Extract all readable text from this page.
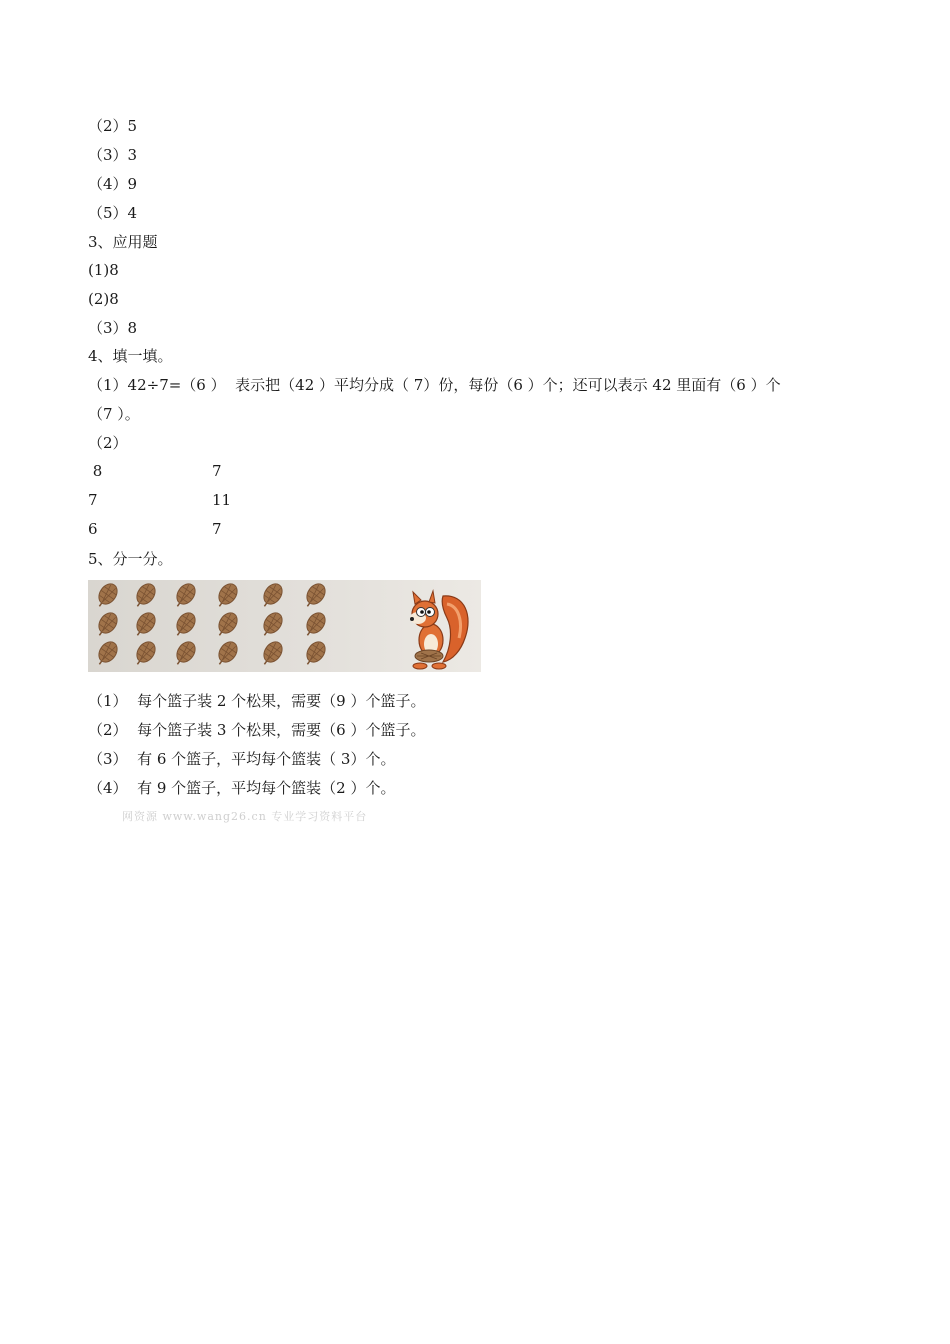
（2）5
（3）3
（4）9
（5）4
3、应用题
(1)8
(2)8
（3）8
4、填一填。
（1）42÷7=（6 ）  表示把（42 ）平均分成（ 7）份，每份（6 ）个；还可以表示 42 里面有（6 ）个
（7 ）。
（2）
8	7
7	11
6	7
5、分一分。
（1）  每个篮子装 2 个松果，需要（9 ）个篮子。
（2）  每个篮子装 3 个松果，需要（6 ）个篮子。
（3）  有 6 个篮子，平均每个篮装（ 3）个。
（4）  有 9 个篮子，平均每个篮装（2 ）个。
网资源 www.wang26.cn 专业学习资料平台
